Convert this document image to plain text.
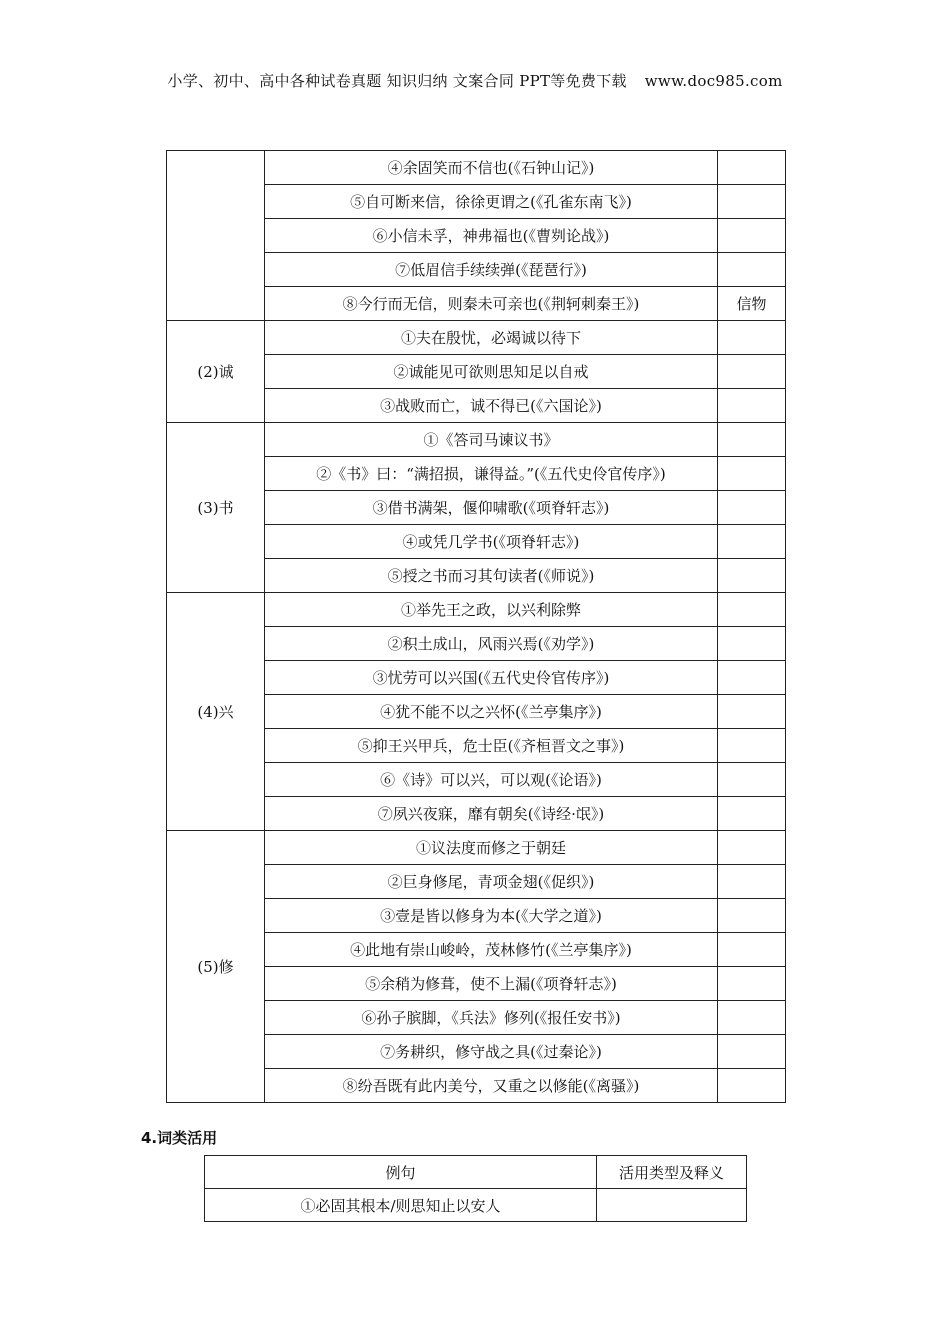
小学、初中、高中各种试卷真题 知识归纳 文案合同 PPT等免费下载 www.doc985.com
	④余固笑而不信也(《石钟山记》)	
	⑤自可断来信，徐徐更谓之(《孔雀东南飞》)	
	⑥小信未孚，神弗福也(《曹刿论战》)	
	⑦低眉信手续续弹(《琵琶行》)	
	⑧今行而无信，则秦未可亲也(《荆轲刺秦王》)	信物
(2)诚	①夫在殷忧，必竭诚以待下	
	②诚能见可欲则思知足以自戒	
	③战败而亡，诚不得已(《六国论》)	
(3)书	①《答司马谏议书》	
	②《书》曰：“满招损，谦得益。”(《五代史伶官传序》)	
	③借书满架，偃仰啸歌(《项脊轩志》)	
	④或凭几学书(《项脊轩志》)	
	⑤授之书而习其句读者(《师说》)	
(4)兴	①举先王之政，以兴利除弊	
	②积土成山，风雨兴焉(《劝学》)	
	③忧劳可以兴国(《五代史伶官传序》)	
	④犹不能不以之兴怀(《兰亭集序》)	
	⑤抑王兴甲兵，危士臣(《齐桓晋文之事》)	
	⑥《诗》可以兴，可以观(《论语》)	
	⑦夙兴夜寐，靡有朝矣(《诗经·氓》)	
(5)修	①议法度而修之于朝廷	
	②巨身修尾，青项金翅(《促织》)	
	③壹是皆以修身为本(《大学之道》)	
	④此地有崇山峻岭，茂林修竹(《兰亭集序》)	
	⑤余稍为修葺，使不上漏(《项脊轩志》)	
	⑥孙子膑脚，《兵法》修列(《报任安书》)	
	⑦务耕织，修守战之具(《过秦论》)	
	⑧纷吾既有此内美兮，又重之以修能(《离骚》)	
4.词类活用
例句	活用类型及释义
①必固其根本/则思知止以安人	
